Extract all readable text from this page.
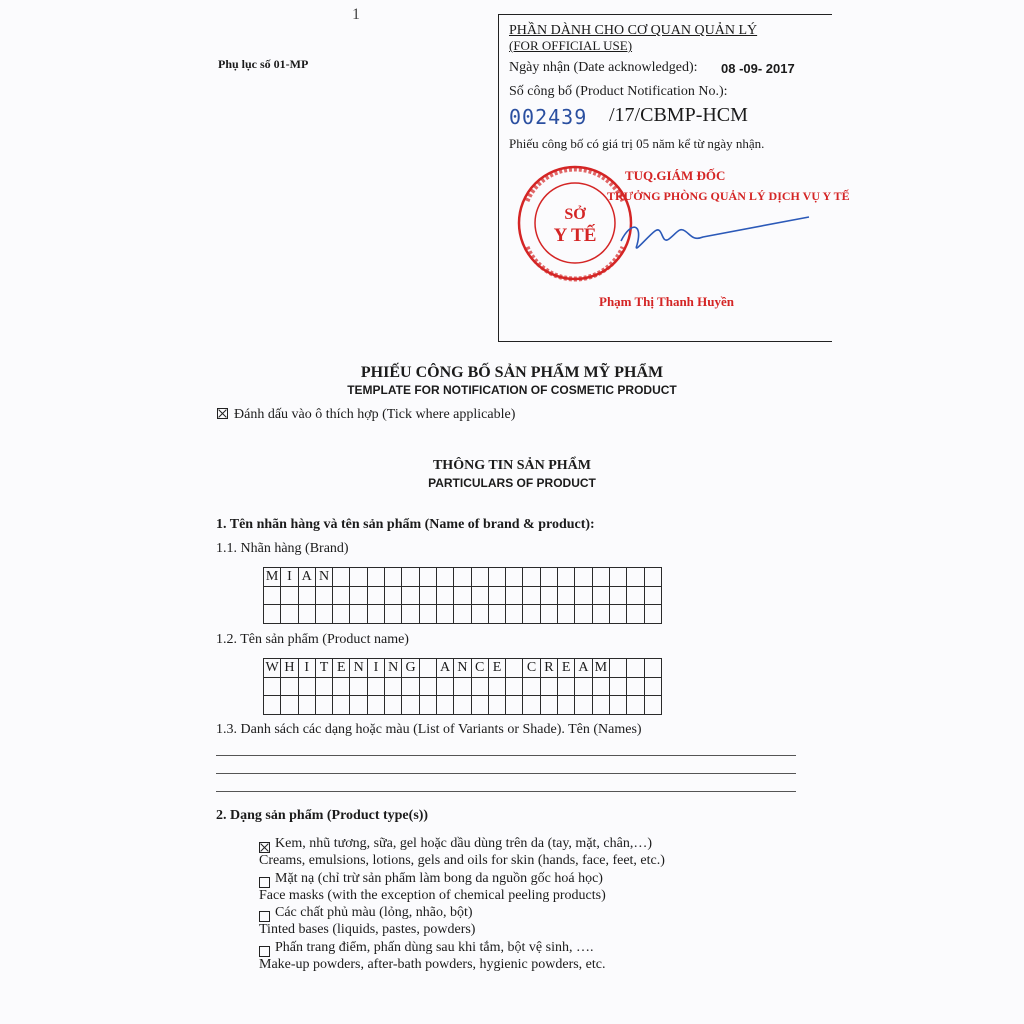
1
Phụ lục số 01-MP
PHẦN DÀNH CHO CƠ QUAN QUẢN LÝ
(FOR OFFICIAL USE)
Ngày nhận (Date acknowledged): 08 -09- 2017
Số công bố (Product Notification No.):
002439 /17/CBMP-HCM
Phiếu công bố có giá trị 05 năm kể từ ngày nhận.
SỞ
Y TẾ
TUQ.GIÁM ĐỐC
TRƯỞNG PHÒNG QUẢN LÝ DỊCH VỤ Y TẾ
Phạm Thị Thanh Huyền
PHIẾU CÔNG BỐ SẢN PHẨM MỸ PHẨM
TEMPLATE FOR NOTIFICATION OF COSMETIC PRODUCT
Đánh dấu vào ô thích hợp (Tick where applicable)
THÔNG TIN SẢN PHẨM
PARTICULARS OF PRODUCT
1. Tên nhãn hàng và tên sản phẩm (Name of brand & product):
1.1. Nhãn hàng (Brand)
M	I	A	N																			

1.2. Tên sản phẩm (Product name)
W	H	I	T	E	N	I	N	G		A	N	C	E		C	R	E	A	M			

1.3. Danh sách các dạng hoặc màu (List of Variants or Shade). Tên (Names)
2. Dạng sản phẩm (Product type(s))
Kem, nhũ tương, sữa, gel hoặc dầu dùng trên da (tay, mặt, chân,…)
Creams, emulsions, lotions, gels and oils for skin (hands, face, feet, etc.)
Mặt nạ (chỉ trừ sản phẩm làm bong da nguồn gốc hoá học)
Face masks (with the exception of chemical peeling products)
Các chất phủ màu (lỏng, nhão, bột)
Tinted bases (liquids, pastes, powders)
Phấn trang điểm, phấn dùng sau khi tắm, bột vệ sinh, ….
Make-up powders, after-bath powders, hygienic powders, etc.
